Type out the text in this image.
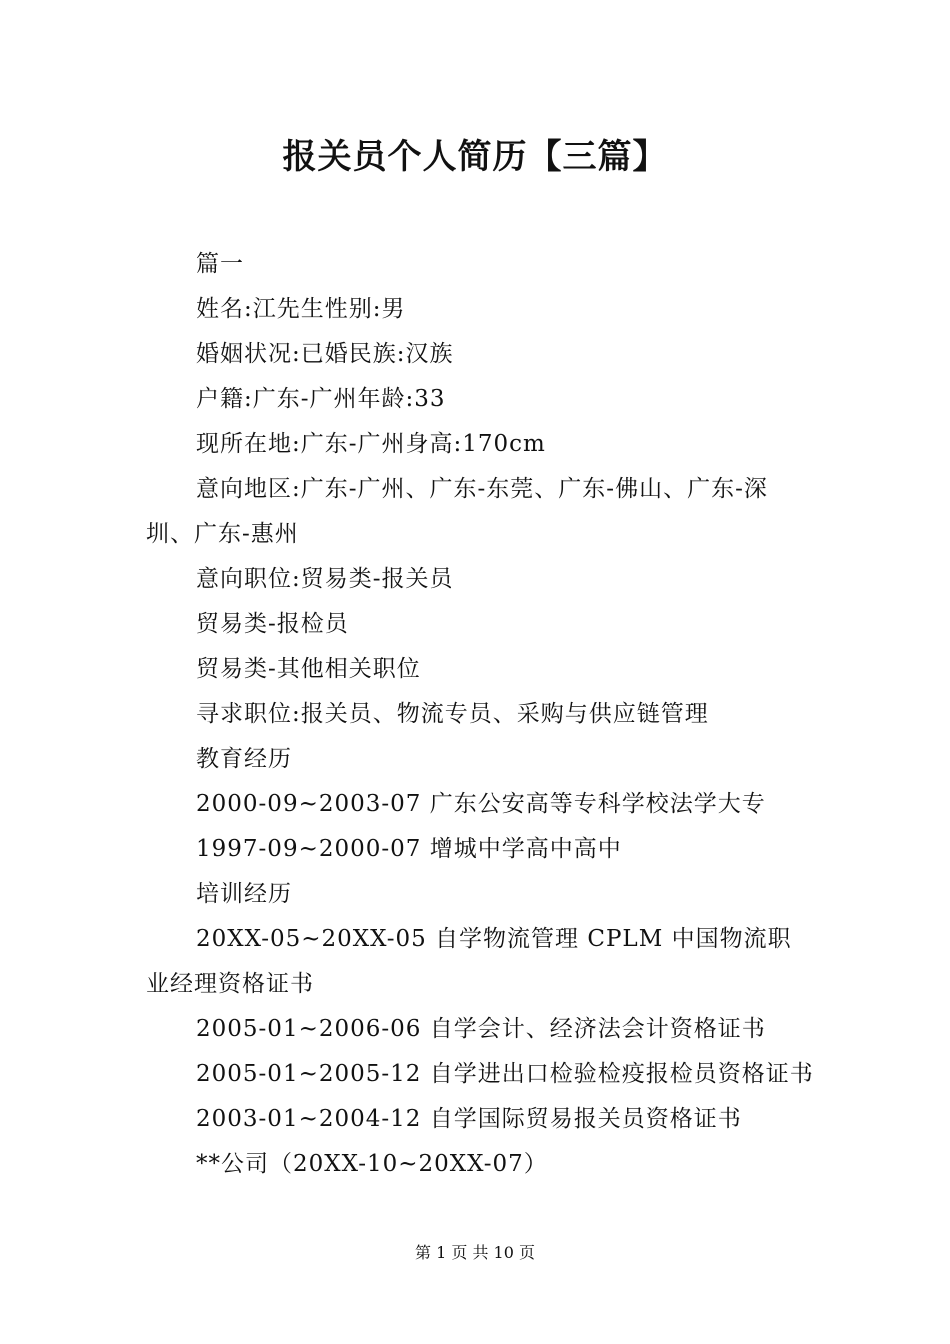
报关员个人简历【三篇】

篇一

姓名:江先生性别:男

婚姻状况:已婚民族:汉族

户籍:广东-广州年龄:33

现所在地:广东-广州身高:170cm

意向地区:广东-广州、广东-东莞、广东-佛山、广东-深圳、广东-惠州

意向职位:贸易类-报关员

贸易类-报检员

贸易类-其他相关职位

寻求职位:报关员、物流专员、采购与供应链管理

教育经历

2000-09~2003-07 广东公安高等专科学校法学大专

1997-09~2000-07 增城中学高中高中

培训经历

20XX-05~20XX-05 自学物流管理 CPLM 中国物流职业经理资格证书

2005-01~2006-06 自学会计、经济法会计资格证书

2005-01~2005-12 自学进出口检验检疫报检员资格证书

2003-01~2004-12 自学国际贸易报关员资格证书

**公司（20XX-10~20XX-07）

第 1 页 共 10 页
